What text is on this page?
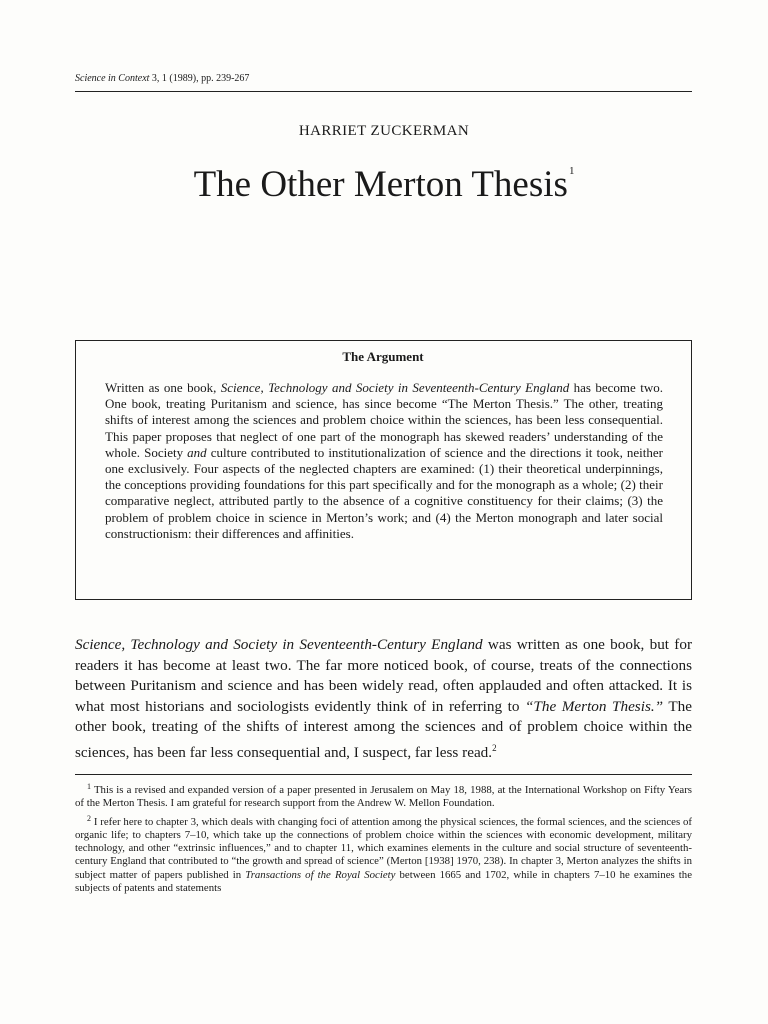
Science in Context 3, 1 (1989), pp. 239-267
HARRIET ZUCKERMAN
The Other Merton Thesis$^1$
The Argument

Written as one book, Science, Technology and Society in Seventeenth-Century England has become two. One book, treating Puritanism and science, has since become “The Merton Thesis.” The other, treating shifts of interest among the sciences and problem choice within the sciences, has been less consequential. This paper proposes that neglect of one part of the monograph has skewed readers’ understanding of the whole. Society and culture contributed to institutionalization of science and the directions it took, neither one exclusively. Four aspects of the neglected chapters are examined: (1) their theoretical underpinnings, the conceptions providing foundations for this part specifically and for the monograph as a whole; (2) their comparative neglect, attributed partly to the absence of a cognitive constituency for their claims; (3) the problem of problem choice in science in Merton’s work; and (4) the Merton monograph and later social constructionism: their differences and affinities.

Science, Technology and Society in Seventeenth-Century England was written as one book, but for readers it has become at least two. The far more noticed book, of course, treats of the connections between Puritanism and science and has been widely read, often applauded and often attacked. It is what most historians and sociologists evidently think of in referring to “The Merton Thesis.” The other book, treating of the shifts of interest among the sciences and of problem choice within the sciences, has been far less consequential and, I suspect, far less read.$^2$

$^1$ This is a revised and expanded version of a paper presented in Jerusalem on May 18, 1988, at the International Workshop on Fifty Years of the Merton Thesis. I am grateful for research support from the Andrew W. Mellon Foundation.

$^2$ I refer here to chapter 3, which deals with changing foci of attention among the physical sciences, the formal sciences, and the sciences of organic life; to chapters 7–10, which take up the connections of problem choice within the sciences with economic development, military technology, and other “extrinsic influences,” and to chapter 11, which examines elements in the culture and social structure of seventeenth-century England that contributed to “the growth and spread of science” (Merton [1938] 1970, 238). In chapter 3, Merton analyzes the shifts in subject matter of papers published in Transactions of the Royal Society between 1665 and 1702, while in chapters 7–10 he examines the subjects of patents and statements
